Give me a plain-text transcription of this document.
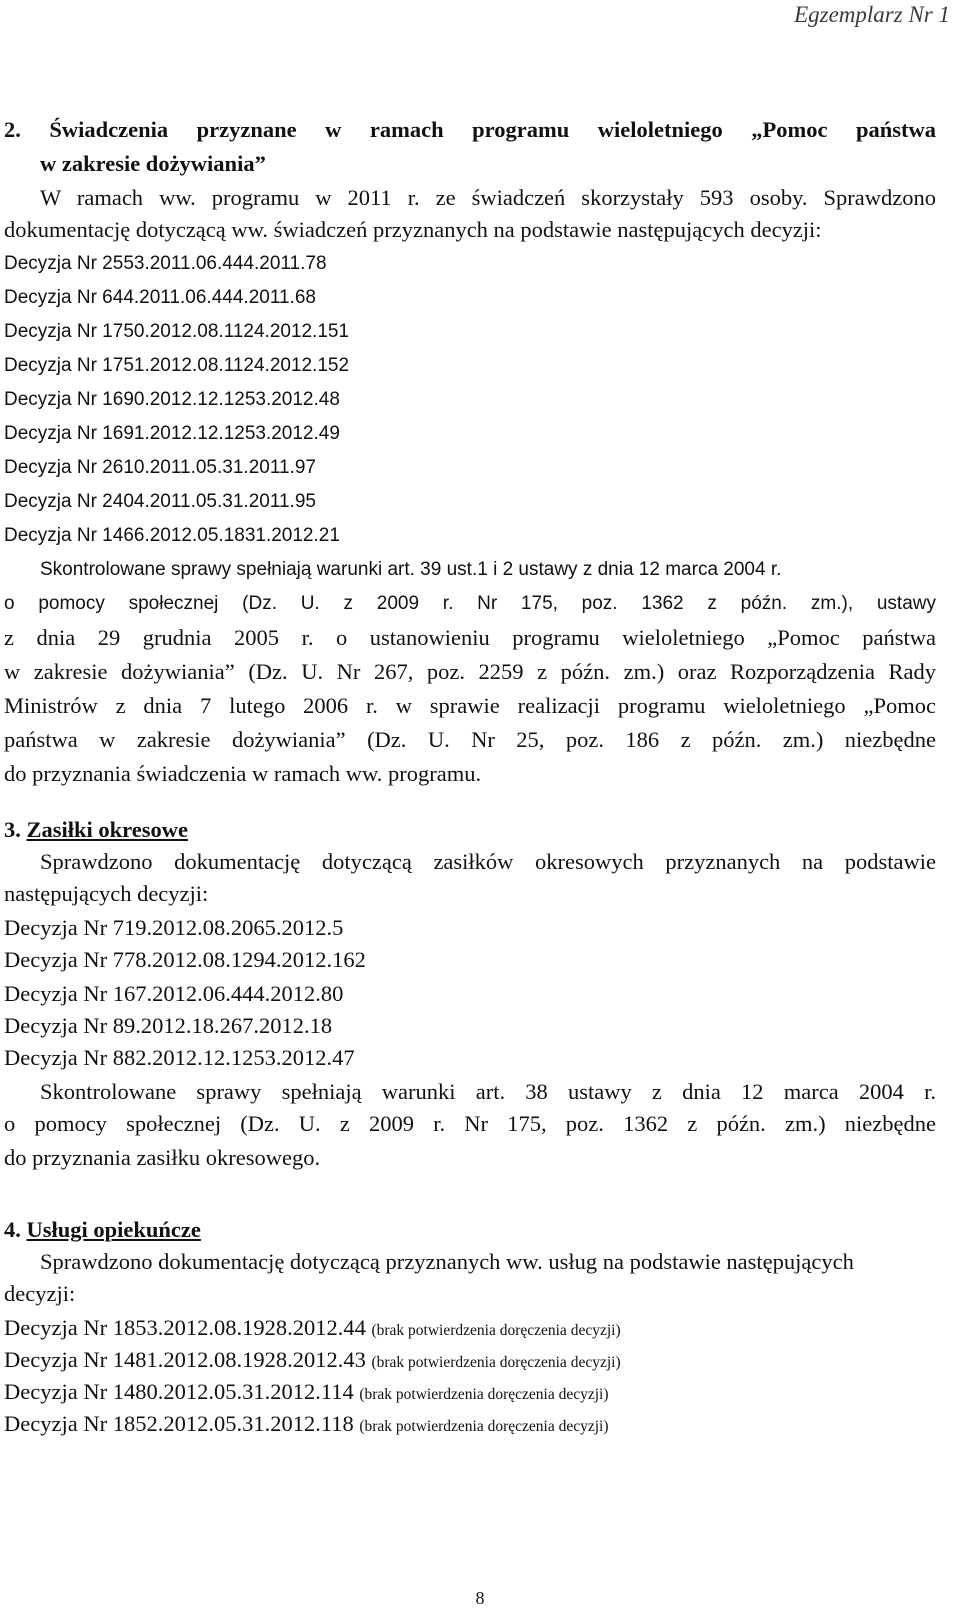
Egzemplarz Nr 1
2. Świadczenia przyznane w ramach programu wieloletniego „Pomoc państwa
w zakresie dożywiania”
W ramach ww. programu w 2011 r. ze świadczeń skorzystały 593 osoby. Sprawdzono
dokumentację dotyczącą ww. świadczeń przyznanych na podstawie następujących decyzji:
Decyzja Nr 2553.2011.06.444.2011.78
Decyzja Nr 644.2011.06.444.2011.68
Decyzja Nr 1750.2012.08.1124.2012.151
Decyzja Nr 1751.2012.08.1124.2012.152
Decyzja Nr 1690.2012.12.1253.2012.48
Decyzja Nr 1691.2012.12.1253.2012.49
Decyzja Nr 2610.2011.05.31.2011.97
Decyzja Nr 2404.2011.05.31.2011.95
Decyzja Nr 1466.2012.05.1831.2012.21
Skontrolowane sprawy spełniają warunki art. 39 ust.1 i 2 ustawy z dnia 12 marca 2004 r.
o pomocy społecznej (Dz. U. z 2009 r. Nr 175, poz. 1362 z późn. zm.), ustawy
z dnia 29 grudnia 2005 r. o ustanowieniu programu wieloletniego „Pomoc państwa
w zakresie dożywiania” (Dz. U. Nr 267, poz. 2259 z późn. zm.) oraz Rozporządzenia Rady
Ministrów z dnia 7 lutego 2006 r. w sprawie realizacji programu wieloletniego „Pomoc
państwa w zakresie dożywiania” (Dz. U. Nr 25, poz. 186 z późn. zm.) niezbędne
do przyznania świadczenia w ramach ww. programu.
3. Zasiłki okresowe
Sprawdzono dokumentację dotyczącą zasiłków okresowych przyznanych na podstawie
następujących decyzji:
Decyzja Nr 719.2012.08.2065.2012.5
Decyzja Nr 778.2012.08.1294.2012.162
Decyzja Nr 167.2012.06.444.2012.80
Decyzja Nr 89.2012.18.267.2012.18
Decyzja Nr 882.2012.12.1253.2012.47
Skontrolowane sprawy spełniają warunki art. 38 ustawy z dnia 12 marca 2004 r.
o pomocy społecznej (Dz. U. z 2009 r. Nr 175, poz. 1362 z późn. zm.) niezbędne
do przyznania zasiłku okresowego.
4. Usługi opiekuńcze
Sprawdzono dokumentację dotyczącą przyznanych ww. usług na podstawie następujących
decyzji:
Decyzja Nr 1853.2012.08.1928.2012.44 (brak potwierdzenia doręczenia decyzji)
Decyzja Nr 1481.2012.08.1928.2012.43 (brak potwierdzenia doręczenia decyzji)
Decyzja Nr 1480.2012.05.31.2012.114 (brak potwierdzenia doręczenia decyzji)
Decyzja Nr 1852.2012.05.31.2012.118 (brak potwierdzenia doręczenia decyzji)
8
